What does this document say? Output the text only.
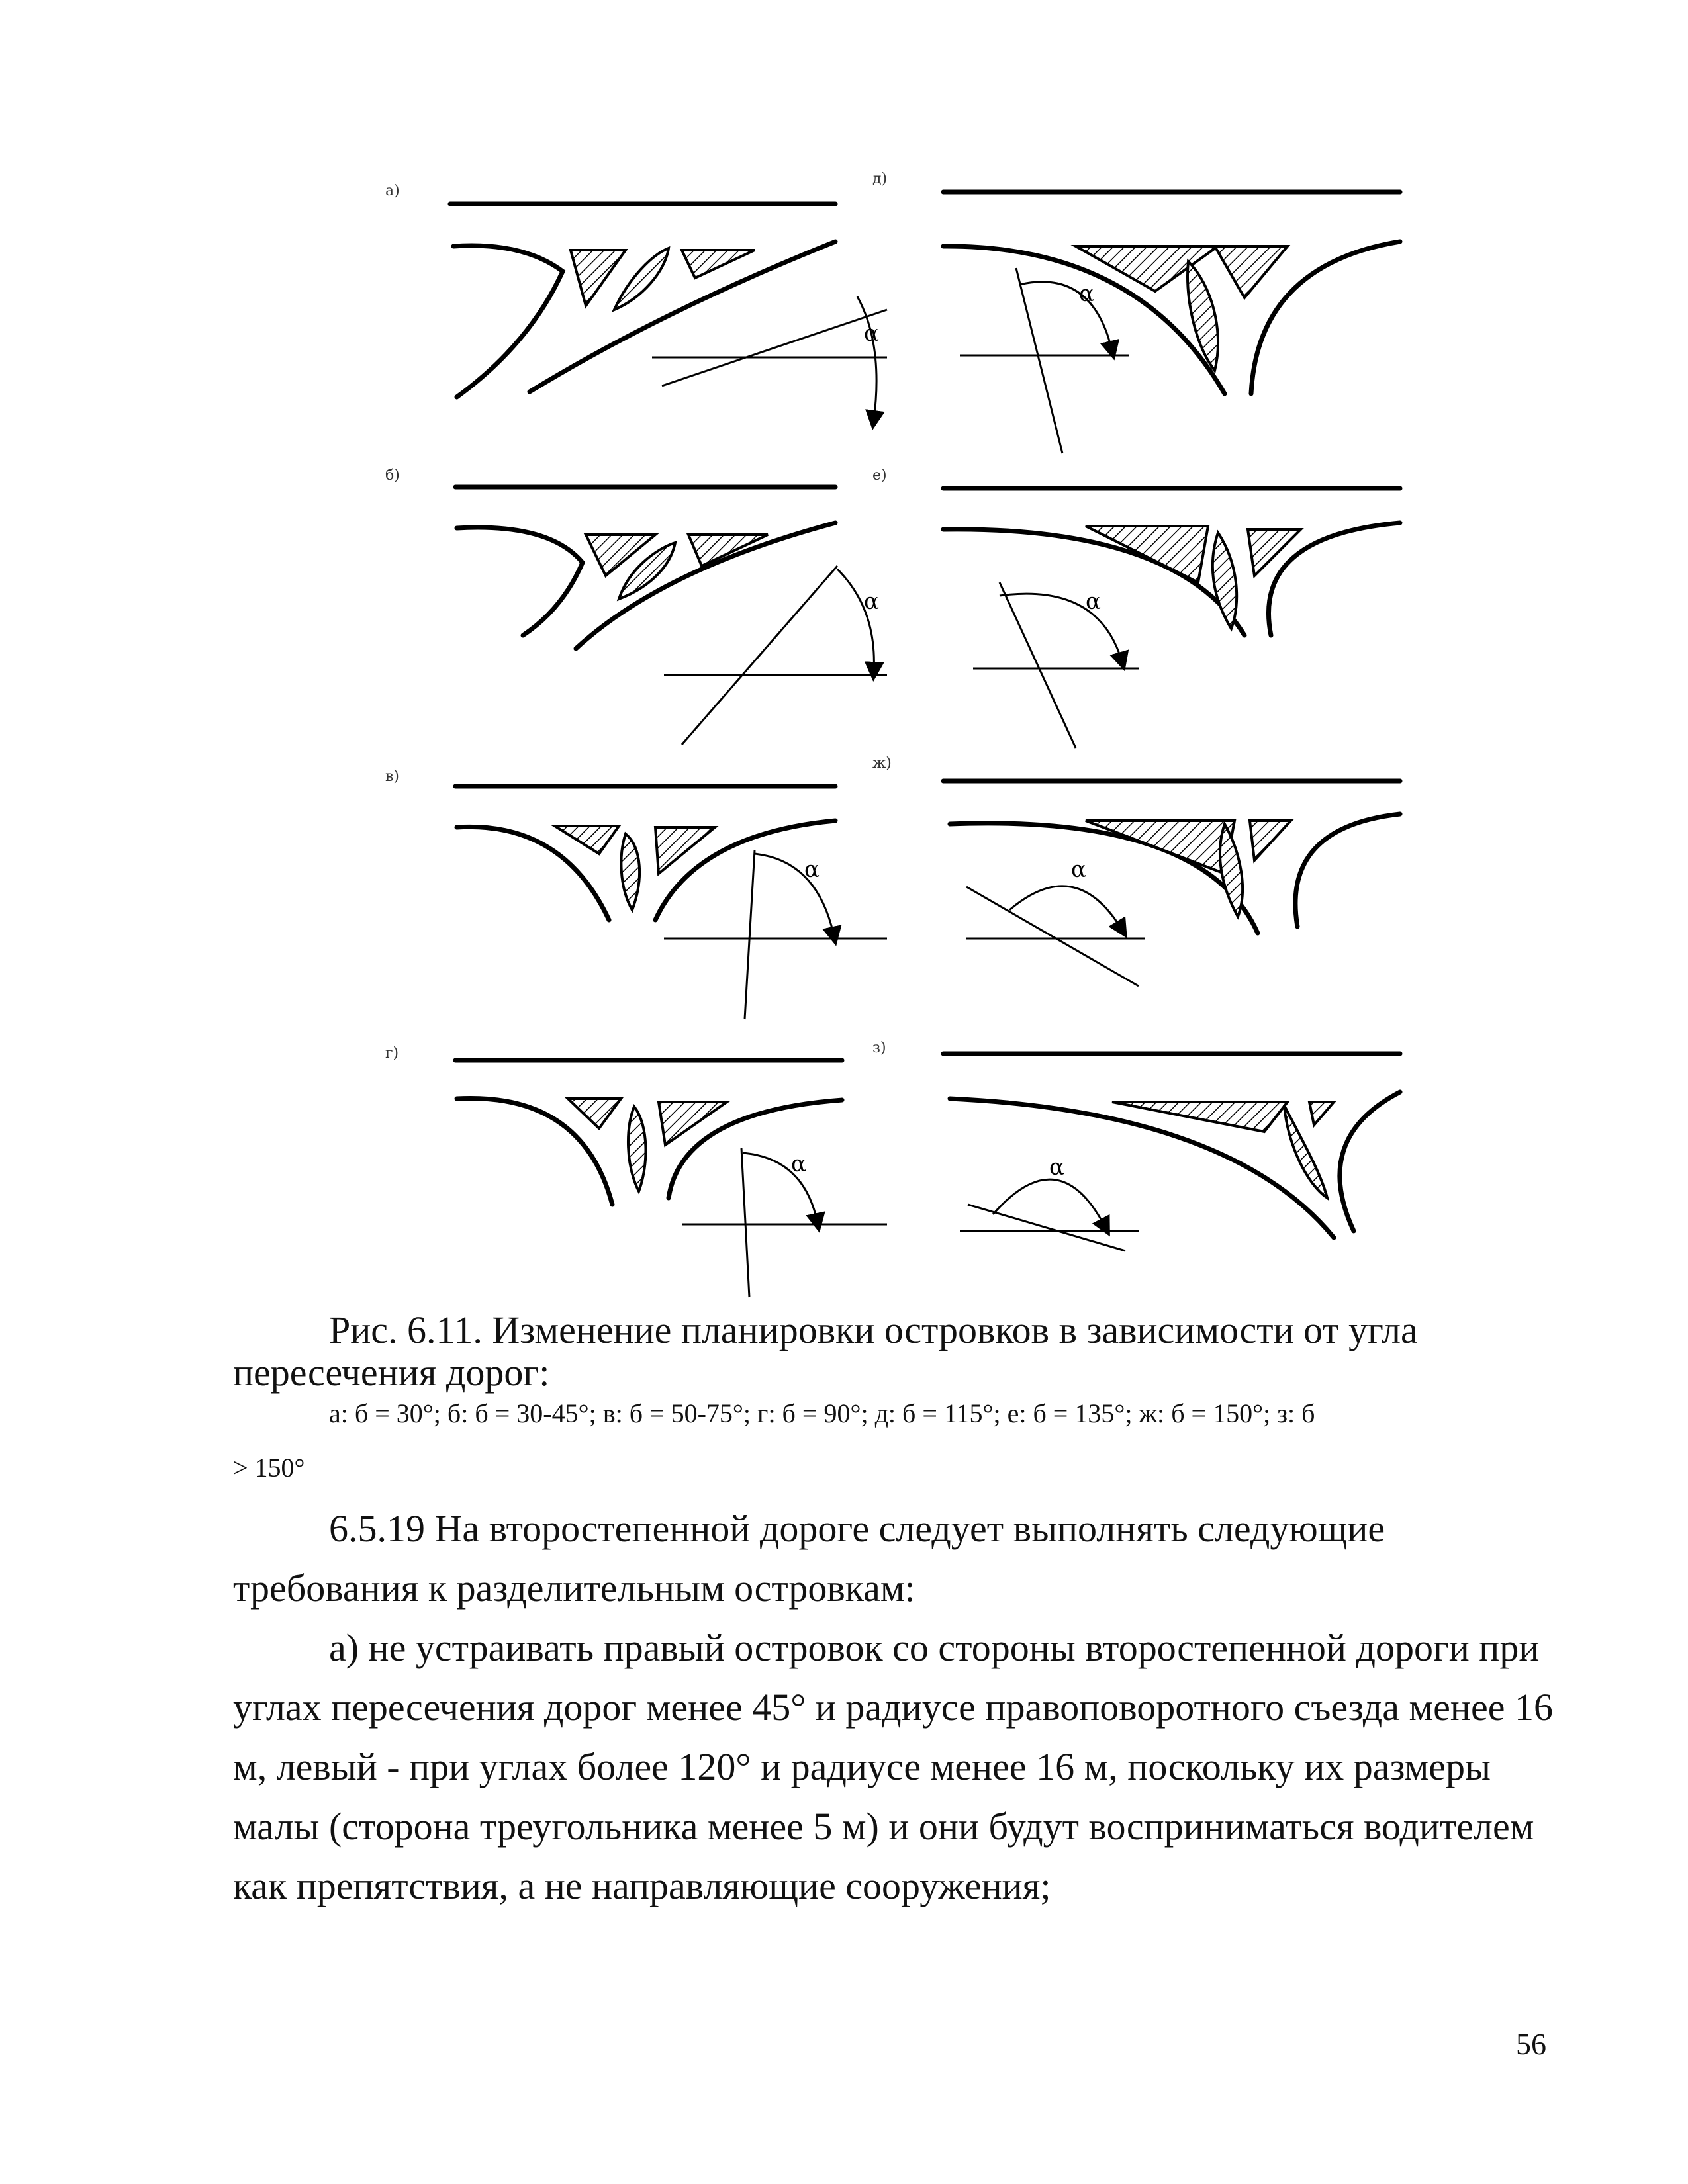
а)
б)
в)
г)
д)
е)
ж)
з)
α
α
α
α
α
α
α
α
Рис. 6.11. Изменение планировки островков в зависимости от угла
пересечения дорог:
а: б = 30°; б: б = 30-45°; в: б = 50-75°; г: б = 90°; д: б = 115°; е: б = 135°; ж: б = 150°; з: б
> 150°
6.5.19 На второстепенной дороге следует выполнять следующие
требования к разделительным островкам:
а) не устраивать правый островок со стороны второстепенной дороги при
углах пересечения дорог менее 45° и радиусе правоповоротного съезда менее 16
м, левый - при углах более 120° и радиусе менее 16 м, поскольку их размеры
малы (сторона треугольника менее 5 м) и они будут восприниматься водителем
как препятствия, а не направляющие сооружения;
56
